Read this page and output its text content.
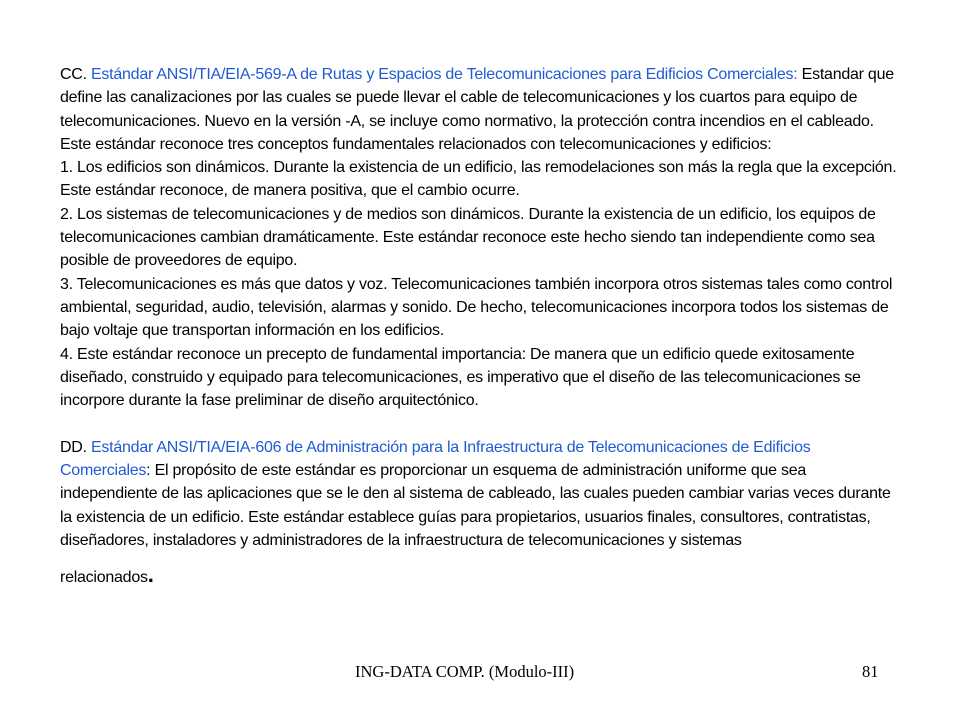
CC. Estándar ANSI/TIA/EIA-569-A de Rutas y Espacios de Telecomunicaciones para Edificios Comerciales: Estandar que define las canalizaciones por las cuales se puede llevar el cable de telecomunicaciones y los cuartos para equipo de telecomunicaciones. Nuevo en la versión -A, se incluye como normativo, la protección contra incendios en el cableado. Este estándar reconoce tres conceptos fundamentales relacionados con telecomunicaciones y edificios:

1. Los edificios son dinámicos. Durante la existencia de un edificio, las remodelaciones son más la regla que la excepción. Este estándar reconoce, de manera positiva, que el cambio ocurre.

2. Los sistemas de telecomunicaciones y de medios son dinámicos. Durante la existencia de un edificio, los equipos de telecomunicaciones cambian dramáticamente. Este estándar reconoce este hecho siendo tan independiente como sea posible de proveedores de equipo.

3. Telecomunicaciones es más que datos y voz. Telecomunicaciones también incorpora otros sistemas tales como control ambiental, seguridad, audio, televisión, alarmas y sonido. De hecho, telecomunicaciones incorpora todos los sistemas de bajo voltaje que transportan información en los edificios.

4. Este estándar reconoce un precepto de fundamental importancia: De manera que un edificio quede exitosamente diseñado, construido y equipado para telecomunicaciones, es imperativo que el diseño de las telecomunicaciones se incorpore durante la fase preliminar de diseño arquitectónico.

DD. Estándar ANSI/TIA/EIA-606 de Administración para la Infraestructura de Telecomunicaciones de Edificios Comerciales: El propósito de este estándar es proporcionar un esquema de administración uniforme que sea independiente de las aplicaciones que se le den al sistema de cableado, las cuales pueden cambiar varias veces durante la existencia de un edificio. Este estándar establece guías para propietarios, usuarios finales, consultores, contratistas, diseñadores, instaladores y administradores de la infraestructura de telecomunicaciones y sistemas

relacionados.

ING-DATA COMP. (Modulo-III)	81
